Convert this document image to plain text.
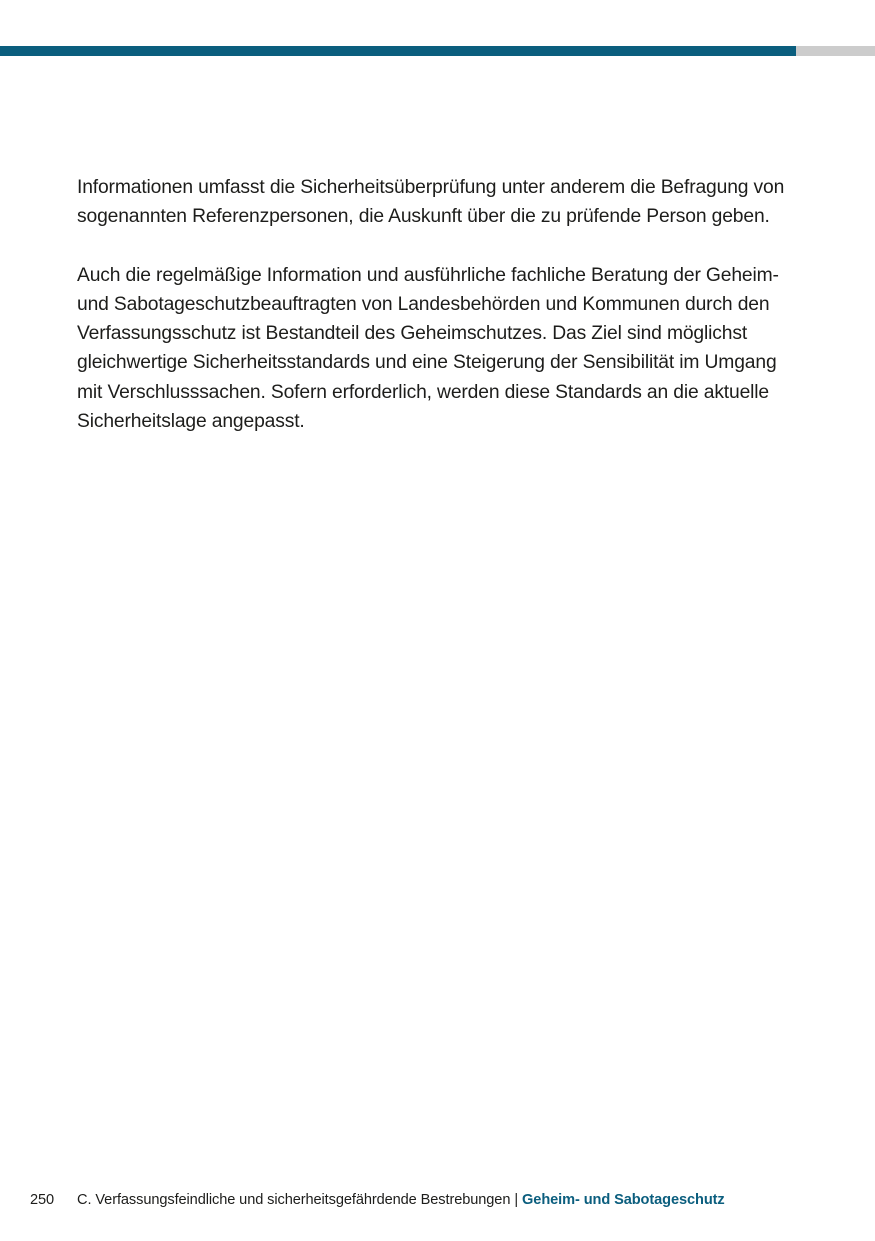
Informationen umfasst die Sicherheitsüberprüfung unter anderem die Befragung von sogenannten Referenzpersonen, die Auskunft über die zu prüfende Person geben.

Auch die regelmäßige Information und ausführliche fachliche Beratung der Geheim- und Sabotageschutzbeauftragten von Landesbehörden und Kommunen durch den Verfassungsschutz ist Bestandteil des Geheimschutzes. Das Ziel sind möglichst gleichwertige Sicherheitsstandards und eine Steigerung der Sensibilität im Umgang mit Verschlusssachen. Sofern erforderlich, werden diese Standards an die aktuelle Sicherheitslage angepasst.

250 C. Verfassungsfeindliche und sicherheitsgefährdende Bestrebungen | Geheim- und Sabotageschutz
